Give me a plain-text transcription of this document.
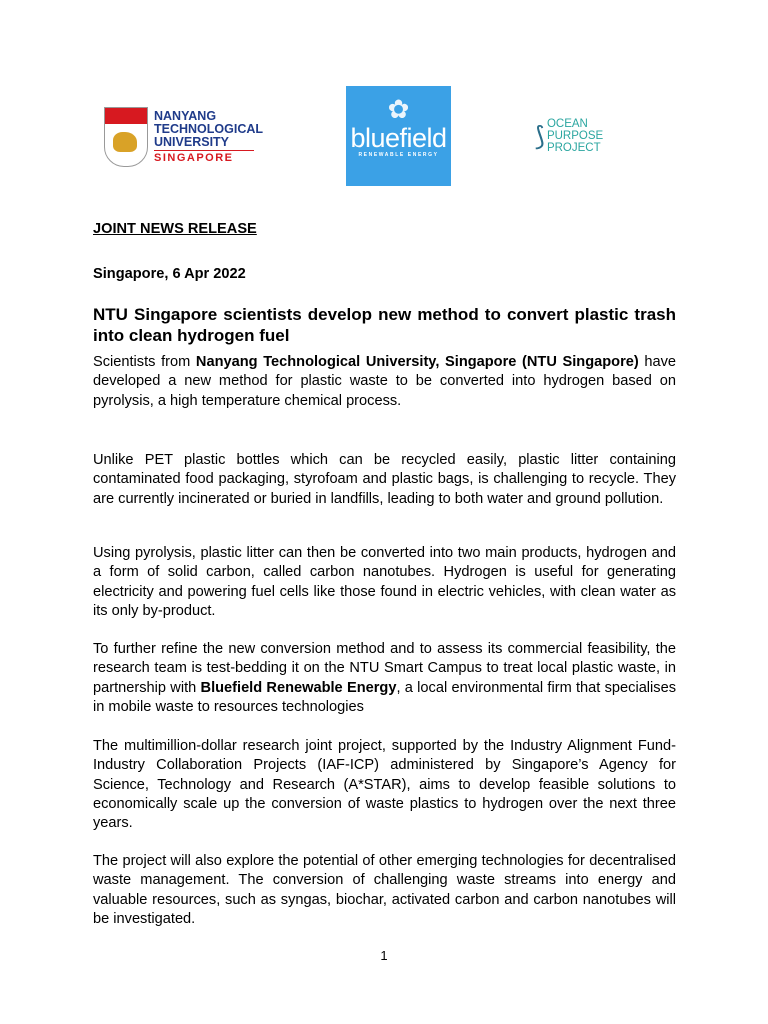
NANYANG
TECHNOLOGICAL
UNIVERSITY
SINGAPORE
✿
bluefield
RENEWABLE ENERGY
⟆ OCEAN
PURPOSE
PROJECT
JOINT NEWS RELEASE
Singapore, 6 Apr 2022
NTU Singapore scientists develop new method to convert plastic trash into clean hydrogen fuel

Scientists from Nanyang Technological University, Singapore (NTU Singapore) have developed a new method for plastic waste to be converted into hydrogen based on pyrolysis, a high temperature chemical process.

Unlike PET plastic bottles which can be recycled easily, plastic litter containing contaminated food packaging, styrofoam and plastic bags, is challenging to recycle. They are currently incinerated or buried in landfills, leading to both water and ground pollution.

Using pyrolysis, plastic litter can then be converted into two main products, hydrogen and a form of solid carbon, called carbon nanotubes. Hydrogen is useful for generating electricity and powering fuel cells like those found in electric vehicles, with clean water as its only by-product.

To further refine the new conversion method and to assess its commercial feasibility, the research team is test-bedding it on the NTU Smart Campus to treat local plastic waste, in partnership with Bluefield Renewable Energy, a local environmental firm that specialises in mobile waste to resources technologies

The multimillion-dollar research joint project, supported by the Industry Alignment Fund-Industry Collaboration Projects (IAF-ICP) administered by Singapore’s Agency for Science, Technology and Research (A*STAR), aims to develop feasible solutions to economically scale up the conversion of waste plastics to hydrogen over the next three years.

The project will also explore the potential of other emerging technologies for decentralised waste management. The conversion of challenging waste streams into energy and valuable resources, such as syngas, biochar, activated carbon and carbon nanotubes will be investigated.

1
